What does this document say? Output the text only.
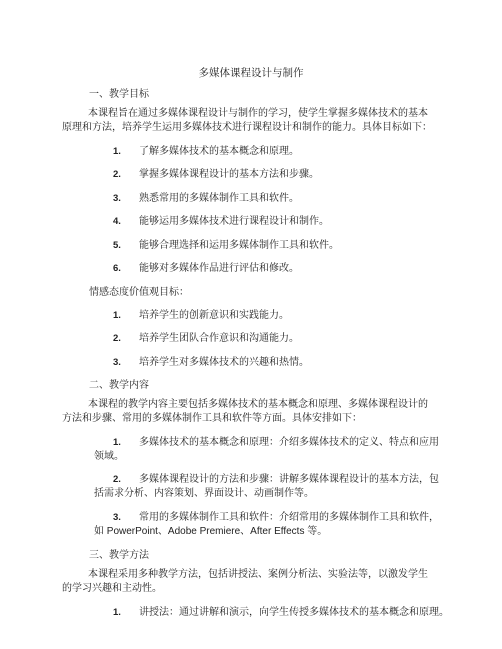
多媒体课程设计与制作
一、教学目标
本课程旨在通过多媒体课程设计与制作的学习，使学生掌握多媒体技术的基本
原理和方法，培养学生运用多媒体技术进行课程设计和制作的能力。具体目标如下：
1. 了解多媒体技术的基本概念和原理。
2. 掌握多媒体课程设计的基本方法和步骤。
3. 熟悉常用的多媒体制作工具和软件。
4. 能够运用多媒体技术进行课程设计和制作。
5. 能够合理选择和运用多媒体制作工具和软件。
6. 能够对多媒体作品进行评估和修改。
情感态度价值观目标：
1. 培养学生的创新意识和实践能力。
2. 培养学生团队合作意识和沟通能力。
3. 培养学生对多媒体技术的兴趣和热情。
二、教学内容
本课程的教学内容主要包括多媒体技术的基本概念和原理、多媒体课程设计的
方法和步骤、常用的多媒体制作工具和软件等方面。具体安排如下：
1. 多媒体技术的基本概念和原理：介绍多媒体技术的定义、特点和应用
领域。
2. 多媒体课程设计的方法和步骤：讲解多媒体课程设计的基本方法，包
括需求分析、内容策划、界面设计、动画制作等。
3. 常用的多媒体制作工具和软件：介绍常用的多媒体制作工具和软件，
如 PowerPoint、Adobe Premiere、After Effects 等。
三、教学方法
本课程采用多种教学方法，包括讲授法、案例分析法、实验法等，以激发学生
的学习兴趣和主动性。
1. 讲授法：通过讲解和演示，向学生传授多媒体技术的基本概念和原理。
